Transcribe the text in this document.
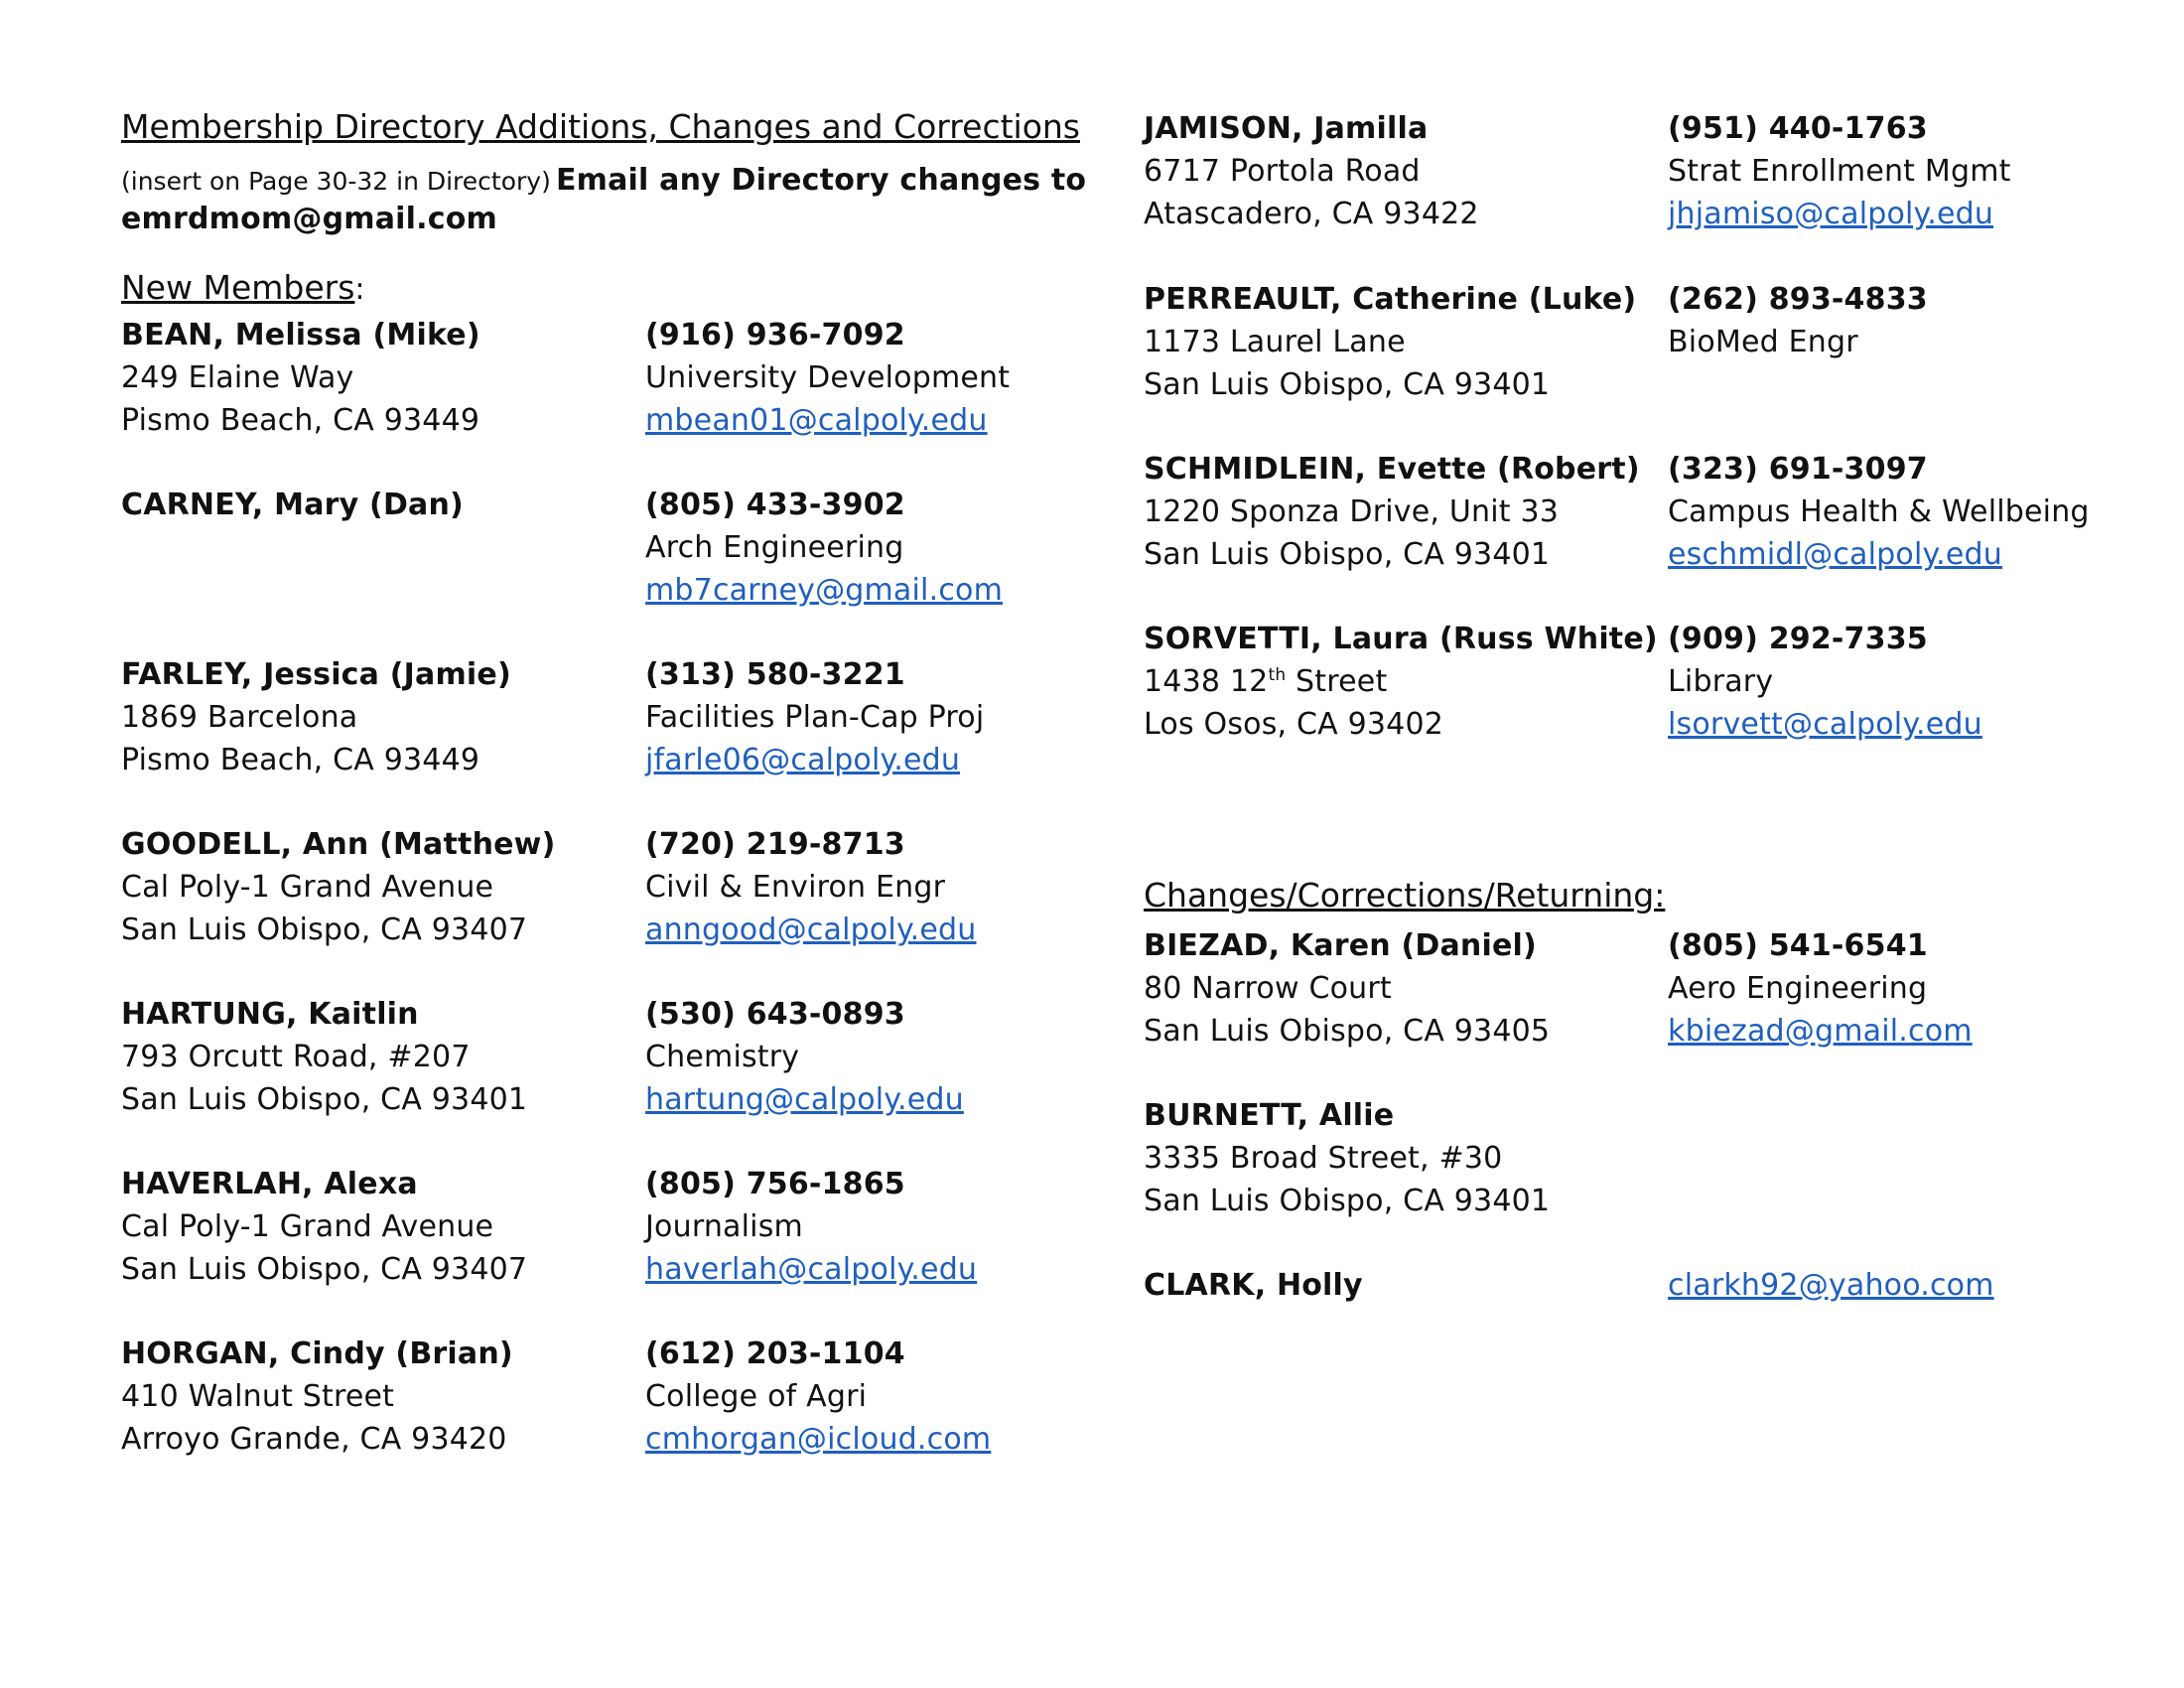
Membership Directory Additions, Changes and Corrections
(insert on Page 30-32 in Directory) Email any Directory changes to
emrdmom@gmail.com
New Members:
BEAN, Melissa (Mike)
249 Elaine Way
Pismo Beach, CA 93449
(916) 936-7092
University Development
mbean01@calpoly.edu
CARNEY, Mary (Dan)	(805) 433-3902
Arch Engineering
mb7carney@gmail.com
FARLEY, Jessica (Jamie)
1869 Barcelona
Pismo Beach, CA 93449
(313) 580-3221
Facilities Plan-Cap Proj
jfarle06@calpoly.edu
GOODELL, Ann (Matthew)
Cal Poly-1 Grand Avenue
San Luis Obispo, CA 93407
(720) 219-8713
Civil & Environ Engr
anngood@calpoly.edu
HARTUNG, Kaitlin
793 Orcutt Road, #207
San Luis Obispo, CA 93401
(530) 643-0893
Chemistry
hartung@calpoly.edu
HAVERLAH, Alexa
Cal Poly-1 Grand Avenue
San Luis Obispo, CA 93407
(805) 756-1865
Journalism
haverlah@calpoly.edu
HORGAN, Cindy (Brian)
410 Walnut Street
Arroyo Grande, CA 93420
(612) 203-1104
College of Agri
cmhorgan@icloud.com
JAMISON, Jamilla
6717 Portola Road
Atascadero, CA 93422
(951) 440-1763
Strat Enrollment Mgmt
jhjamiso@calpoly.edu
PERREAULT, Catherine (Luke)
1173 Laurel Lane
San Luis Obispo, CA 93401
(262) 893-4833
BioMed Engr
SCHMIDLEIN, Evette (Robert)
1220 Sponza Drive, Unit 33
San Luis Obispo, CA 93401
(323) 691-3097
Campus Health & Wellbeing
eschmidl@calpoly.edu
SORVETTI, Laura (Russ White)
1438 12th Street
Los Osos, CA 93402
(909) 292-7335
Library
lsorvett@calpoly.edu
Changes/Corrections/Returning:
BIEZAD, Karen (Daniel)
80 Narrow Court
San Luis Obispo, CA 93405
(805) 541-6541
Aero Engineering
kbiezad@gmail.com
BURNETT, Allie
3335 Broad Street, #30
San Luis Obispo, CA 93401
CLARK, Holly	clarkh92@yahoo.com
